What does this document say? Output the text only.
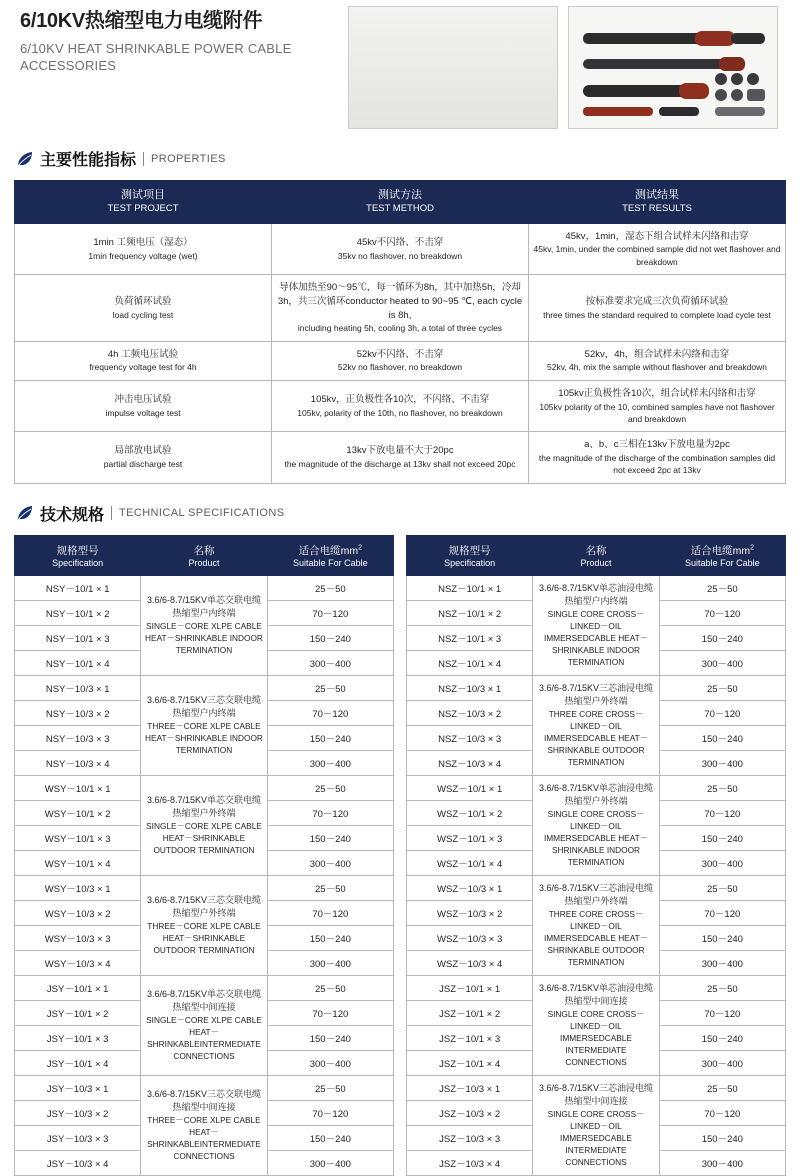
6/10KV热缩型电力电缆附件
6/10KV HEAT SHRINKABLE POWER CABLE ACCESSORIES
主要性能指标 PROPERTIES
测试项目
TEST PROJECT	测试方法
TEST METHOD	测试结果
TEST RESULTS

1min 工频电压（湿态）
1min frequency voltage (wet)	45kv不闪络、不击穿
35kv no flashover, no breakdown	45kv，1min，湿态下组合试样未闪络和击穿
45kv, 1min, under the combined sample did not wet flashover and breakdown

负荷循环试验
load cycling test	导体加热至90～95℃，每一循环为8h，其中加热5h，冷却3h，共三次循环conductor heated to 90~95 ℃, each cycle is 8h,
including heating 5h, cooling 3h, a total of three cycles	按标准要求完成三次负荷循环试验
three times the standard required to complete load cycle test

4h 工频电压试验
frequency voltage test for 4h	52kv不闪络、不击穿
52kv no flashover, no breakdown	52kv，4h，组合试样未闪络和击穿
52kv, 4h, mix the sample without flashover and breakdown

冲击电压试验
impulse voltage test	105kv，正负极性各10次，不闪络、不击穿
105kv, polarity of the 10th, no flashover, no breakdown	105kv正负极性各10次，组合试样未闪络和击穿
105kv polarity of the 10, combined samples have not flashover and breakdown

局部放电试验
partial discharge test	13kv下放电量不大于20pc
the magnitude of the discharge at 13kv shall not exceed 20pc	a、b、c三相在13kv下放电量为2pc
the magnitude of the discharge of the combination samples did not exceed 2pc at 13kv
技术规格 TECHNICAL SPECIFICATIONS
规格型号
Specification	名称
Product	适合电缆$mm^2$
Suitable For Cable

NSY－10/1 × 1	3.6/6-8.7/15KV单芯交联电缆
热缩型户内终端
SINGLE－CORE XLPE CABLE HEAT－SHRINKABLE INDOOR TERMINATION	25－50
NSY－10/1 × 2		70－120
NSY－10/1 × 3		150－240
NSY－10/1 × 4		300－400
NSY－10/3 × 1	3.6/6-8.7/15KV三芯交联电缆
热缩型户内终端
THREE－CORE XLPE CABLE HEAT－SHRINKABLE INDOOR TERMINATION	25－50
NSY－10/3 × 2		70－120
NSY－10/3 × 3		150－240
NSY－10/3 × 4		300－400
WSY－10/1 × 1	3.6/6-8.7/15KV单芯交联电缆
热缩型户外终端
SINGLE－CORE XLPE CABLE HEAT－SHRINKABLE OUTDOOR TERMINATION	25－50
WSY－10/1 × 2		70－120
WSY－10/1 × 3		150－240
WSY－10/1 × 4		300－400
WSY－10/3 × 1	3.6/6-8.7/15KV三芯交联电缆
热缩型户外终端
THREE－CORE XLPE CABLE HEAT－SHRINKABLE OUTDOOR TERMINATION	25－50
WSY－10/3 × 2		70－120
WSY－10/3 × 3		150－240
WSY－10/3 × 4		300－400
JSY－10/1 × 1	3.6/6-8.7/15KV单芯交联电缆
热缩型中间连接
SINGLE－CORE XLPE CABLE HEAT－SHRINKABLEINTERMEDIATE CONNECTIONS	25－50
JSY－10/1 × 2		70－120
JSY－10/1 × 3		150－240
JSY－10/1 × 4		300－400
JSY－10/3 × 1	3.6/6-8.7/15KV三芯交联电缆
热缩型中间连接
THREE－CORE XLPE CABLE HEAT－SHRINKABLEINTERMEDIATE CONNECTIONS	25－50
JSY－10/3 × 2		70－120
JSY－10/3 × 3		150－240
JSY－10/3 × 4		300－400
规格型号
Specification	名称
Product	适合电缆$mm^2$
Suitable For Cable

NSZ－10/1 × 1	3.6/6-8.7/15KV单芯油浸电缆
热缩型户内终端
SINGLE CORE CROSS－LINKED－OIL IMMERSEDCABLE HEAT－SHRINKABLE INDOOR TERMINATION	25－50
NSZ－10/1 × 2		70－120
NSZ－10/1 × 3		150－240
NSZ－10/1 × 4		300－400
NSZ－10/3 × 1	3.6/6-8.7/15KV三芯油浸电缆
热缩型户外终端
THREE CORE CROSS－LINKED－OIL IMMERSEDCABLE HEAT－SHRINKABLE OUTDOOR TERMINATION	25－50
NSZ－10/3 × 2		70－120
NSZ－10/3 × 3		150－240
NSZ－10/3 × 4		300－400
WSZ－10/1 × 1	3.6/6-8.7/15KV单芯油浸电缆
热缩型户外终端
SINGLE CORE CROSS－LINKED－OIL IMMERSEDCABLE HEAT－SHRINKABLE INDOOR TERMINATION	25－50
WSZ－10/1 × 2		70－120
WSZ－10/1 × 3		150－240
WSZ－10/1 × 4		300－400
WSZ－10/3 × 1	3.6/6-8.7/15KV三芯油浸电缆
热缩型户外终端
THREE CORE CROSS－LINKED－OIL IMMERSEDCABLE HEAT－SHRINKABLE OUTDOOR TERMINATION	25－50
WSZ－10/3 × 2		70－120
WSZ－10/3 × 3		150－240
WSZ－10/3 × 4		300－400
JSZ－10/1 × 1	3.6/6-8.7/15KV单芯油浸电缆
热缩型中间连接
SINGLE CORE CROSS－LINKED－OIL IMMERSEDCABLE INTERMEDIATE CONNECTIONS	25－50
JSZ－10/1 × 2		70－120
JSZ－10/1 × 3		150－240
JSZ－10/1 × 4		300－400
JSZ－10/3 × 1	3.6/6-8.7/15KV三芯油浸电缆
热缩型中间连接
SINGLE CORE CROSS－LINKED－OIL IMMERSEDCABLE INTERMEDIATE CONNECTIONS	25－50
JSZ－10/3 × 2		70－120
JSZ－10/3 × 3		150－240
JSZ－10/3 × 4		300－400
